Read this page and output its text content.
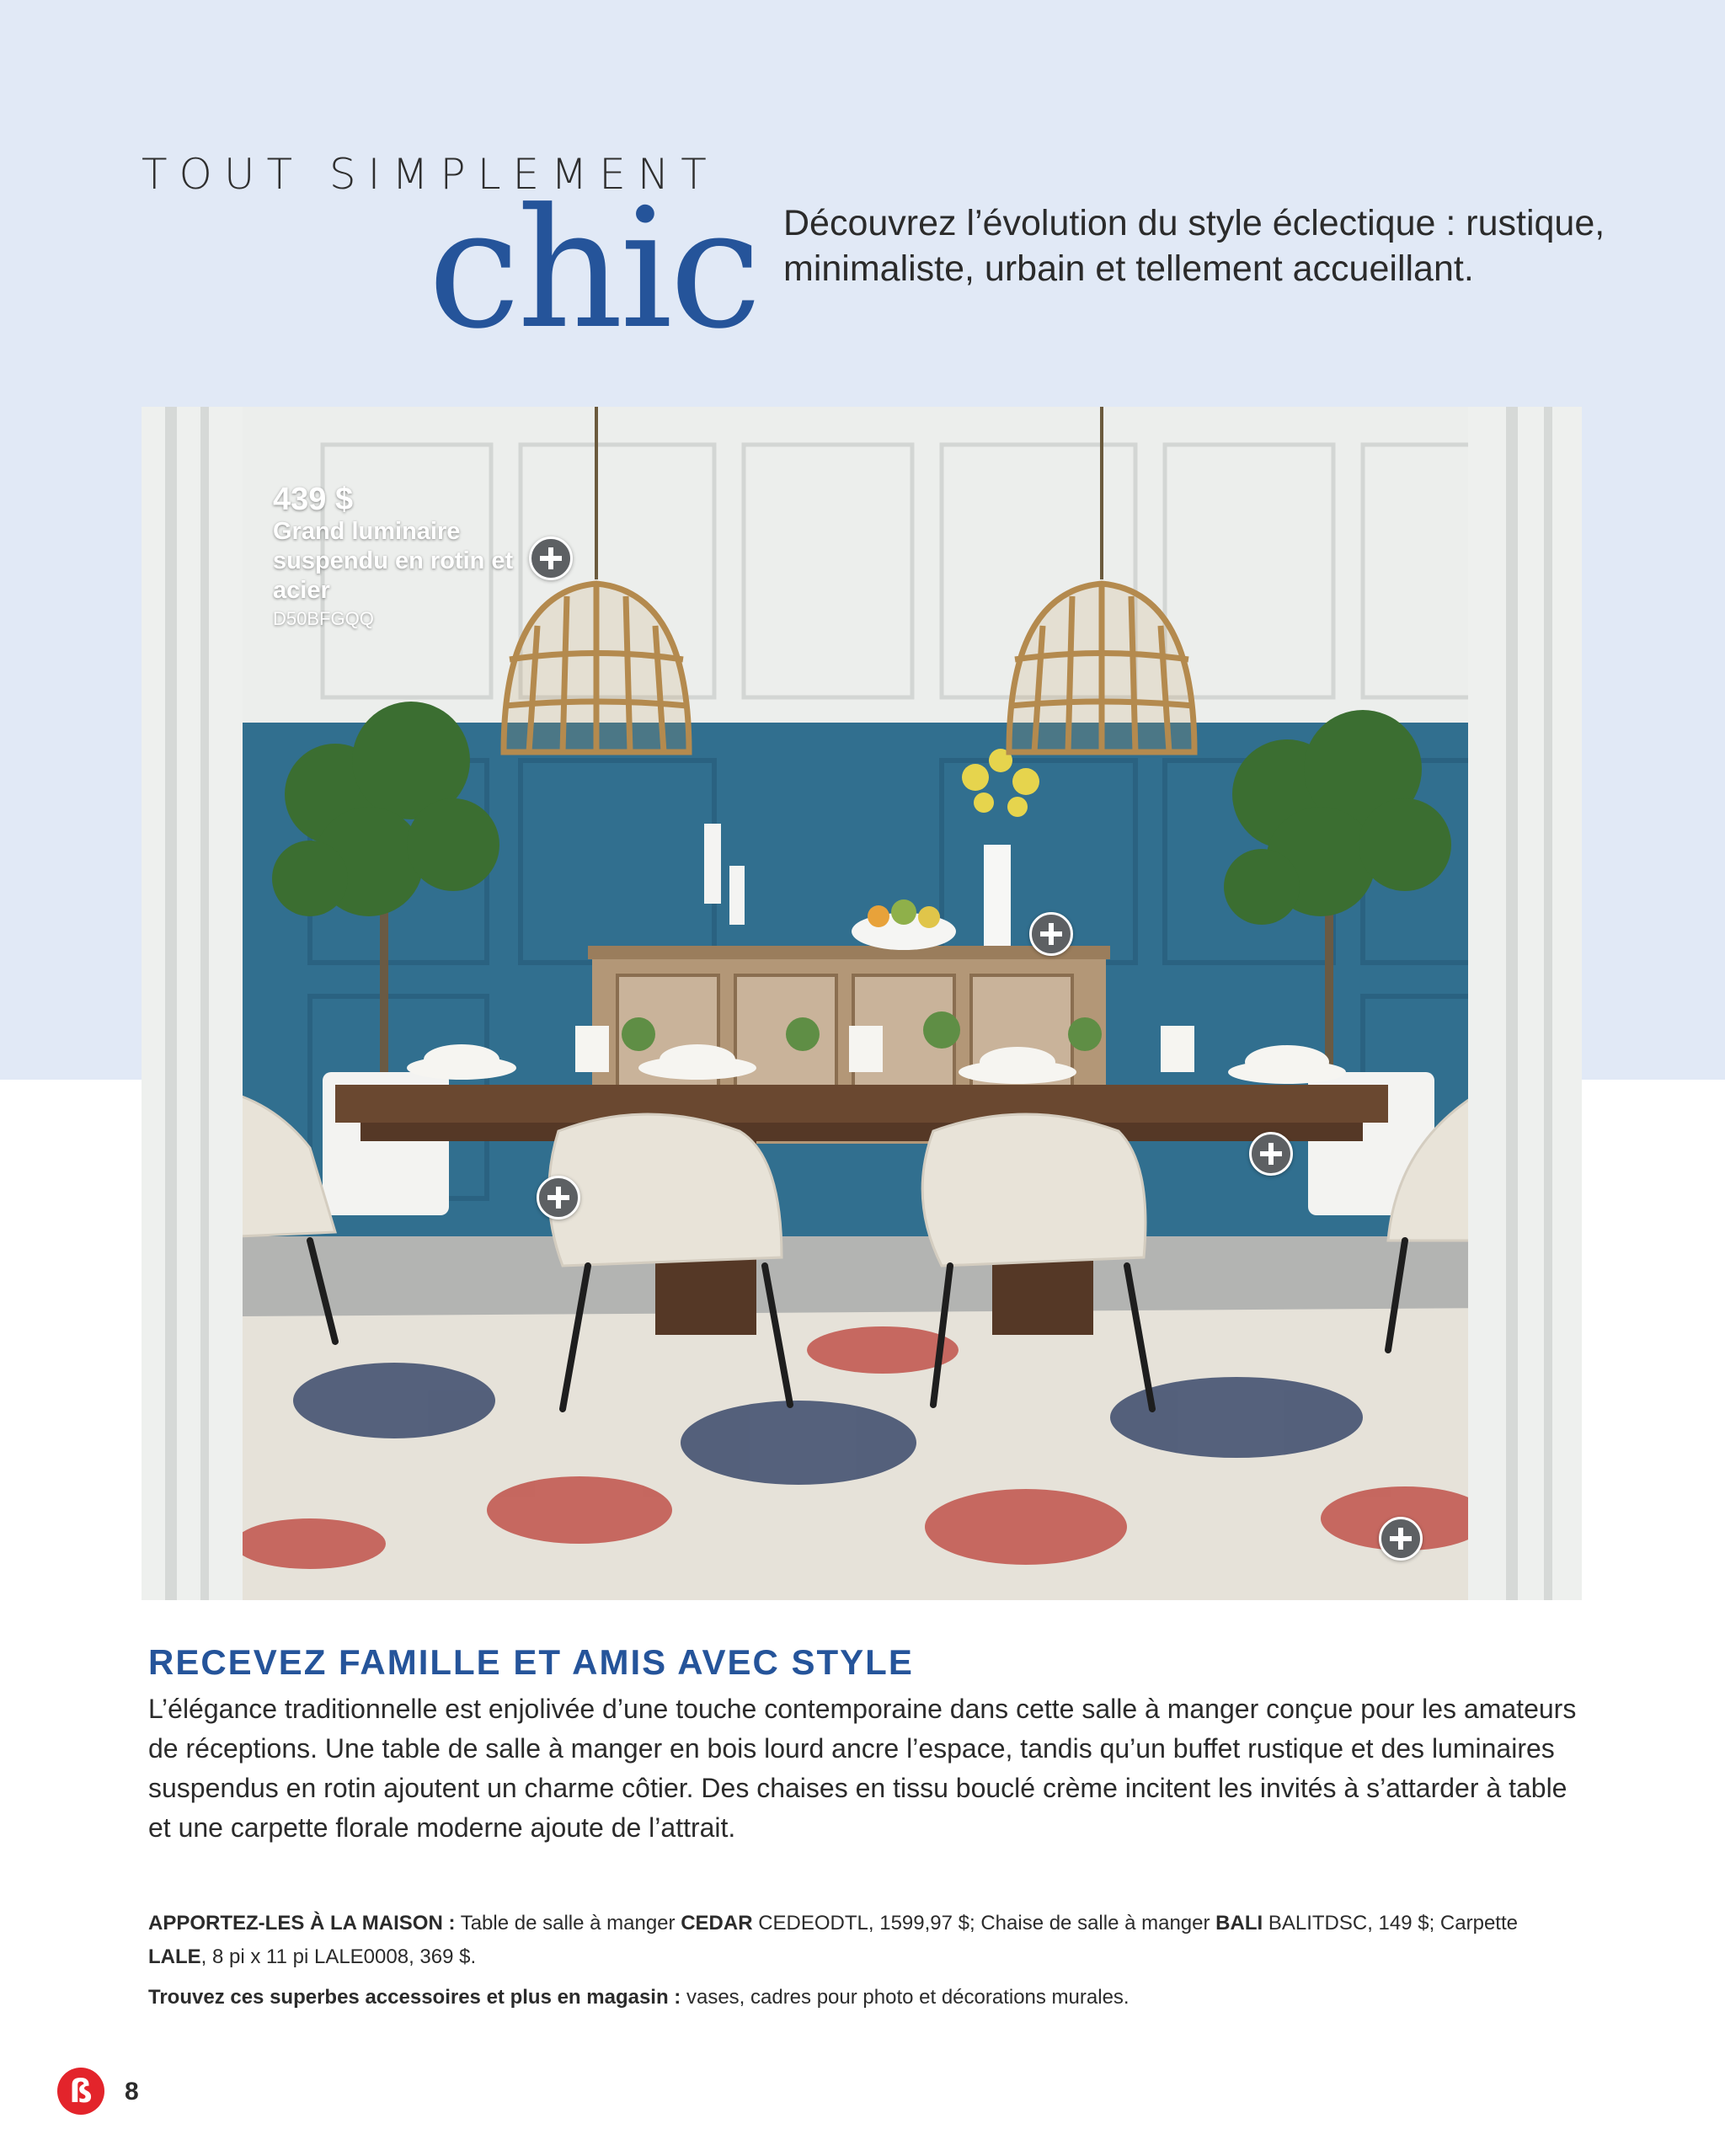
TOUT SIMPLEMENT
chic Découvrez l’évolution du style éclectique : rustique, minimaliste, urbain et tellement accueillant.
439 $
Grand luminaire suspendu en rotin et acier
D50BFGQQ
RECEVEZ FAMILLE ET AMIS AVEC STYLE
L’élégance traditionnelle est enjolivée d’une touche contemporaine dans cette salle à manger conçue pour les amateurs de réceptions. Une table de salle à manger en bois lourd ancre l’espace, tandis qu’un buffet rustique et des luminaires suspendus en rotin ajoutent un charme côtier. Des chaises en tissu bouclé crème incitent les invités à s’attarder à table et une carpette florale moderne ajoute de l’attrait.
APPORTEZ-LES À LA MAISON : Table de salle à manger CEDAR CEDEODTL, 1599,97 $; Chaise de salle à manger BALI BALITDSC, 149 $; Carpette LALE, 8 pi x 11 pi LALE0008, 369 $.
Trouvez ces superbes accessoires et plus en magasin : vases, cadres pour photo et décorations murales.
ß	8
